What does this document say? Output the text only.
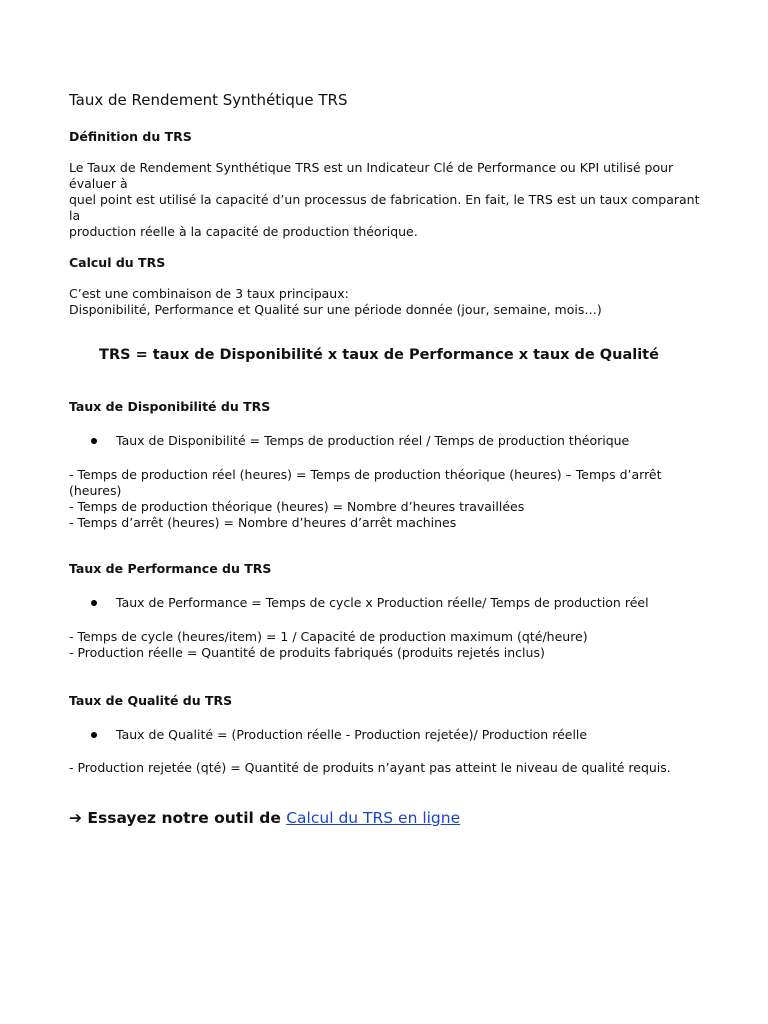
Taux de Rendement Synthétique TRS
Définition du TRS
Le Taux de Rendement Synthétique TRS est un Indicateur Clé de Performance ou KPI utilisé pour évaluer à
quel point est utilisé la capacité d’un processus de fabrication. En fait, le TRS est un taux comparant la
production réelle à la capacité de production théorique.
Calcul du TRS
C’est une combinaison de 3 taux principaux:
Disponibilité, Performance et Qualité sur une période donnée (jour, semaine, mois…)

TRS = taux de Disponibilité x taux de Performance x taux de Qualité

Taux de Disponibilité du TRS
Taux de Disponibilité = Temps de production réel / Temps de production théorique
- Temps de production réel (heures) = Temps de production théorique (heures) – Temps d’arrêt (heures)
- Temps de production théorique (heures) = Nombre d’heures travaillées
- Temps d’arrêt (heures) = Nombre d’heures d’arrêt machines
Taux de Performance du TRS
Taux de Performance = Temps de cycle x Production réelle/ Temps de production réel
- Temps de cycle (heures/item) = 1 / Capacité de production maximum (qté/heure)
- Production réelle = Quantité de produits fabriqués (produits rejetés inclus)
Taux de Qualité du TRS
Taux de Qualité = (Production réelle - Production rejetée)/ Production réelle
- Production rejetée (qté) = Quantité de produits n’ayant pas atteint le niveau de qualité requis.

➔ Essayez notre outil de Calcul du TRS en ligne
